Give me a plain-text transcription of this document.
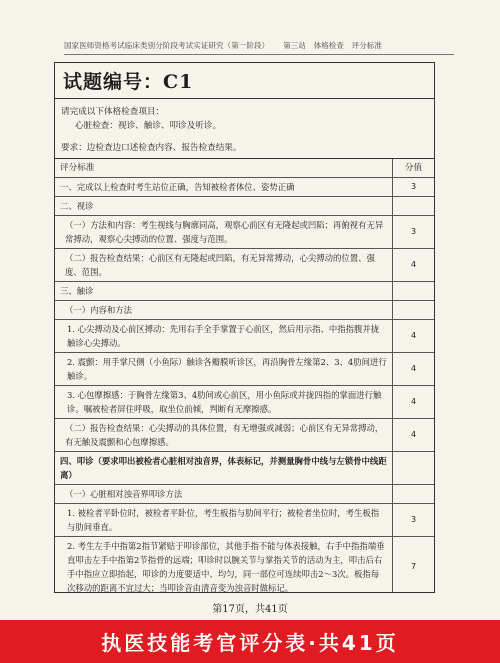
国家医师资格考试临床类别分阶段考试实证研究（第一阶段） 第三站　体格检查　评分标准
试题编号：C1

请完成以下体格检查项目：

心脏检查：视诊、触诊、叩诊及听诊。

要求：边检查边口述检查内容、报告检查结果。

评分标准	分值
一、完成以上检查时考生站位正确，告知被检者体位、姿势正确	3
二、视诊
（一）方法和内容：考生视线与胸廓同高，观察心前区有无隆起或凹陷；再俯视有无异常搏动，观察心尖搏动的位置、强度与范围。
3
（二）报告检查结果：心前区有无隆起或凹陷，有无异常搏动，心尖搏动的位置、强度、范围。
4
三、触诊
（一）内容和方法
1. 心尖搏动及心前区搏动：先用右手全手掌置于心前区，然后用示指、中指指腹并拢触诊心尖搏动。
4
2. 震颤：用手掌尺侧（小鱼际）触诊各瓣膜听诊区，再沿胸骨左缘第2、3、4肋间进行触诊。
4
3. 心包摩擦感：于胸骨左缘第3、4肋间或心前区，用小鱼际或并拢四指的掌面进行触诊。嘱被检者屏住呼吸，取坐位前倾，判断有无摩擦感。
4
（二）报告检查结果：心尖搏动的具体位置，有无增强或减弱；心前区有无异常搏动，有无触及震颤和心包摩擦感。
4
四、叩诊（要求叩出被检者心脏相对浊音界，体表标记，并测量胸骨中线与左锁骨中线距离）
（一）心脏相对浊音界叩诊方法
1. 被检者平卧位时，被检者平卧位，考生板指与肋间平行；被检者坐位时，考生板指与肋间垂直。
3
2. 考生左手中指第2指节紧贴于叩诊部位，其他手指不能与体表接触，右手中指指端垂直叩击左手中指第2节指骨的远端；叩诊时以腕关节与掌指关节的活动为主，叩击后右手中指应立即抬起，叩诊的力度要适中、均匀，同一部位可连续叩击2～3次。板指每次移动的距离不宜过大；当叩诊音由清音变为浊音时做标记。
7
第17页，共41页
执医技能考官评分表·共41页
